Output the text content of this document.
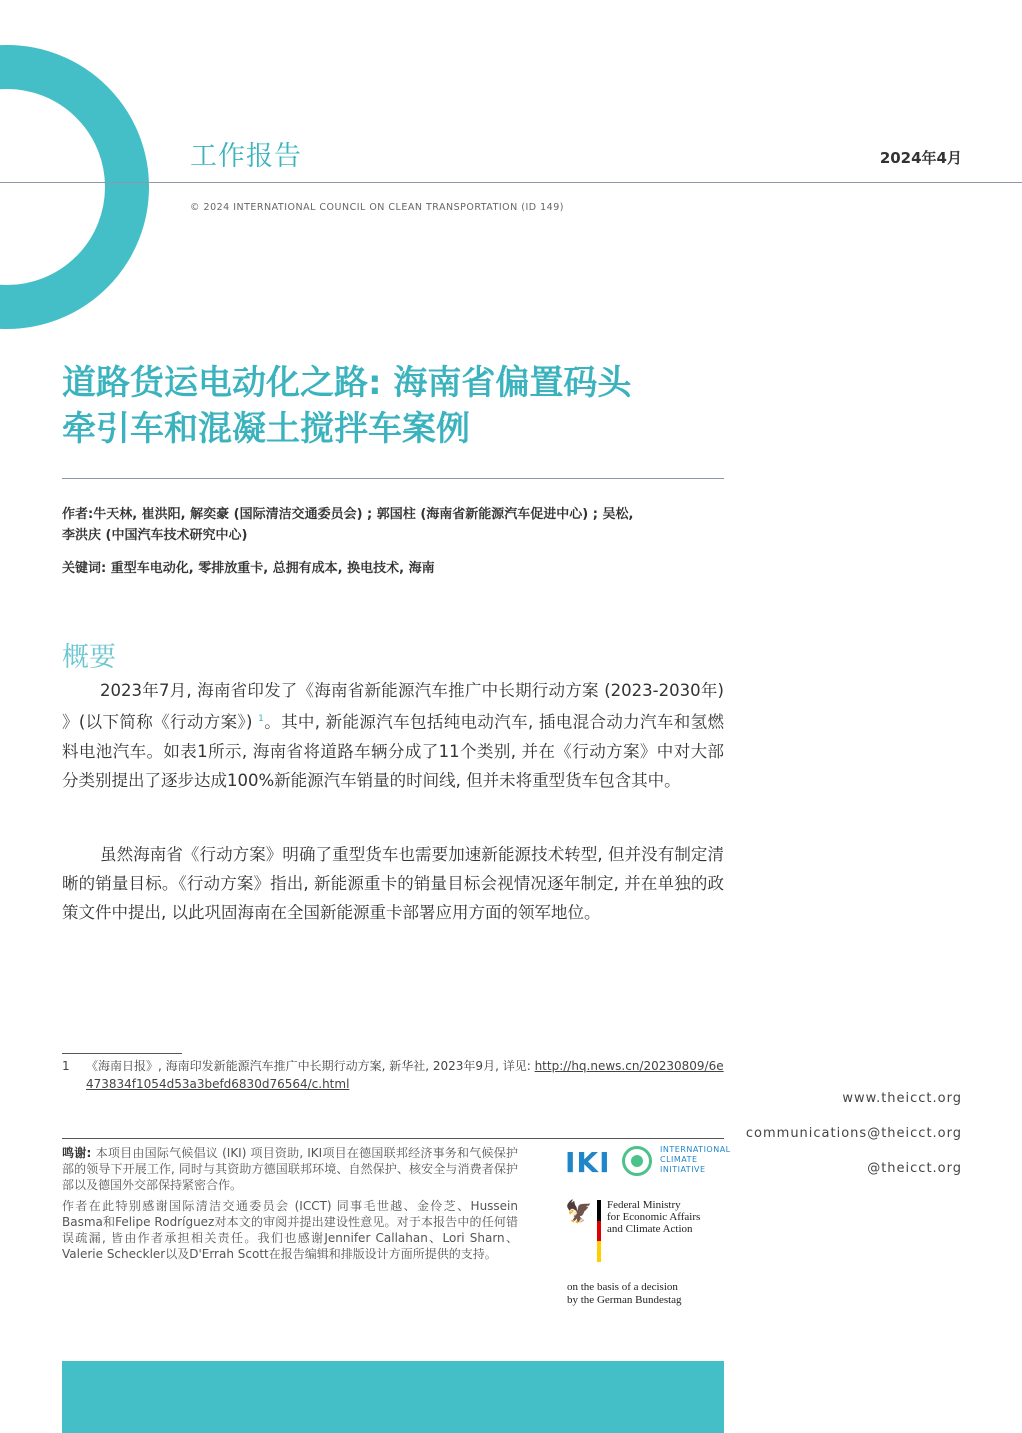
工作报告	2024年4月
© 2024 INTERNATIONAL COUNCIL ON CLEAN TRANSPORTATION (ID 149)
道路货运电动化之路: 海南省偏置码头
牵引车和混凝土搅拌车案例
作者:牛天林, 崔洪阳, 解奕豪 (国际清洁交通委员会) ; 郭国柱 (海南省新能源汽车促进中心) ; 吴松,
李洪庆 (中国汽车技术研究中心)
关键词: 重型车电动化, 零排放重卡, 总拥有成本, 换电技术, 海南
概要
2023年7月, 海南省印发了《海南省新能源汽车推广中长期行动方案 (2023-2030年) 》(以下简称《行动方案》) $^1$。其中, 新能源汽车包括纯电动汽车, 插电混合动力汽车和氢燃料电池汽车。如表1所示, 海南省将道路车辆分成了11个类别, 并在《行动方案》中对大部分类别提出了逐步达成100%新能源汽车销量的时间线, 但并未将重型货车包含其中。
虽然海南省《行动方案》明确了重型货车也需要加速新能源技术转型, 但并没有制定清晰的销量目标。《行动方案》指出, 新能源重卡的销量目标会视情况逐年制定, 并在单独的政策文件中提出, 以此巩固海南在全国新能源重卡部署应用方面的领军地位。
1 《海南日报》, 海南印发新能源汽车推广中长期行动方案, 新华社, 2023年9月, 详见: http://hq.news.cn/20230809/6e473834f1054d53a3befd6830d76564/c.html
www.theicct.org
communications@theicct.org
@theicct.org
鸣谢: 本项目由国际气候倡议 (IKI) 项目资助, IKI项目在德国联邦经济事务和气候保护部的领导下开展工作, 同时与其资助方德国联邦环境、自然保护、核安全与消费者保护部以及德国外交部保持紧密合作。
作者在此特别感谢国际清洁交通委员会 (ICCT) 同事毛世越、金伶芝、Hussein Basma和Felipe Rodríguez对本文的审阅并提出建设性意见。对于本报告中的任何错误疏漏, 皆由作者承担相关责任。我们也感谢Jennifer Callahan、Lori Sharn、Valerie Scheckler以及D'Errah Scott在报告编辑和排版设计方面所提供的支持。
IKI	INTERNATIONAL
CLIMATE
INITIATIVE
🦅 Federal Ministry
for Economic Affairs
and Climate Action
on the basis of a decision
by the German Bundestag
